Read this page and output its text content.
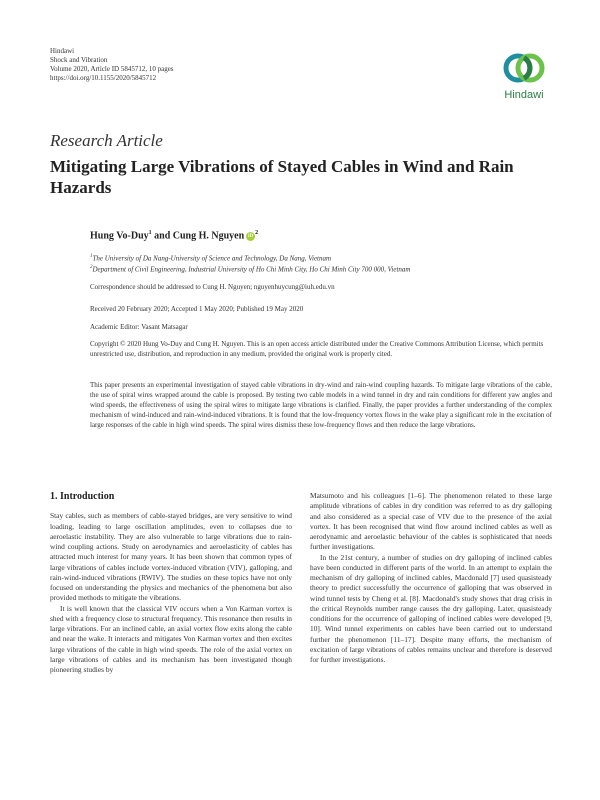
Hindawi
Shock and Vibration
Volume 2020, Article ID 5845712, 10 pages
https://doi.org/10.1155/2020/5845712
Hindawi
Research Article
Mitigating Large Vibrations of Stayed Cables in Wind and Rain Hazards
Hung Vo-Duy$^1$ and Cung H. Nguyen $iD^2$
$^1$The University of Da Nang-University of Science and Technology, Da Nang, Vietnam
$^2$Department of Civil Engineering, Industrial University of Ho Chi Minh City, Ho Chi Minh City 700 000, Vietnam
Correspondence should be addressed to Cung H. Nguyen; nguyenhuycung@iuh.edu.vn
Received 20 February 2020; Accepted 1 May 2020; Published 19 May 2020
Academic Editor: Vasant Matsagar
Copyright © 2020 Hung Vo-Duy and Cung H. Nguyen. This is an open access article distributed under the Creative Commons Attribution License, which permits unrestricted use, distribution, and reproduction in any medium, provided the original work is properly cited.
This paper presents an experimental investigation of stayed cable vibrations in dry-wind and rain-wind coupling hazards. To mitigate large vibrations of the cable, the use of spiral wires wrapped around the cable is proposed. By testing two cable models in a wind tunnel in dry and rain conditions for different yaw angles and wind speeds, the effectiveness of using the spiral wires to mitigate large vibrations is clarified. Finally, the paper provides a further understanding of the complex mechanism of wind-induced and rain-wind-induced vibrations. It is found that the low-frequency vortex flows in the wake play a significant role in the excitation of large responses of the cable in high wind speeds. The spiral wires dismiss these low-frequency flows and then reduce the large vibrations.
1. Introduction

Stay cables, such as members of cable-stayed bridges, are very sensitive to wind loading, leading to large oscillation amplitudes, even to collapses due to aeroelastic instability. They are also vulnerable to large vibrations due to rain-wind coupling actions. Study on aerodynamics and aeroelasticity of cables has attracted much interest for many years. It has been shown that common types of large vibrations of cables include vortex-induced vibration (VIV), galloping, and rain-wind-induced vibrations (RWIV). The studies on these topics have not only focused on understanding the physics and mechanics of the phenomena but also provided methods to mitigate the vibrations.

It is well known that the classical VIV occurs when a Von Karman vortex is shed with a frequency close to structural frequency. This resonance then results in large vibrations. For an inclined cable, an axial vortex flow exits along the cable and near the wake. It interacts and mitigates Von Karman vortex and then excites large vibrations of the cable in high wind speeds. The role of the axial vortex on large vibrations of cables and its mechanism has been investigated though pioneering studies by

Matsumoto and his colleagues [1–6]. The phenomenon related to these large amplitude vibrations of cables in dry condition was referred to as dry galloping and also considered as a special case of VIV due to the presence of the axial vortex. It has been recognised that wind flow around inclined cables as well as aerodynamic and aeroelastic behaviour of the cables is sophisticated that needs further investigations.

In the 21st century, a number of studies on dry galloping of inclined cables have been conducted in different parts of the world. In an attempt to explain the mechanism of dry galloping of inclined cables, Macdonald [7] used quasisteady theory to predict successfully the occurrence of galloping that was observed in wind tunnel tests by Cheng et al. [8]. Macdonald's study shows that drag crisis in the critical Reynolds number range causes the dry galloping. Later, quasisteady conditions for the occurrence of galloping of inclined cables were developed [9, 10]. Wind tunnel experiments on cables have been carried out to understand further the phenomenon [11–17]. Despite many efforts, the mechanism of excitation of large vibrations of cables remains unclear and therefore is deserved for further investigations.
